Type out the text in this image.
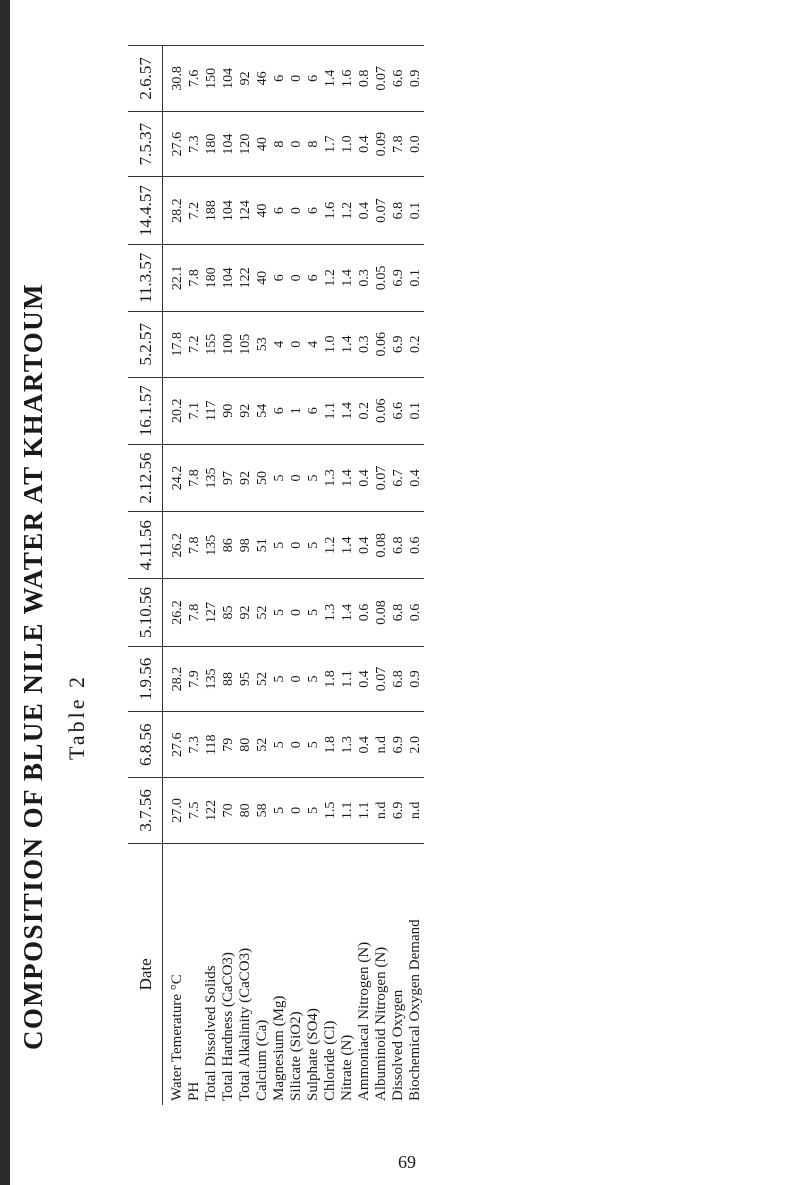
COMPOSITION OF BLUE NILE WATER AT KHARTOUM Table 2
Date	3.7.56	6.8.56	1.9.56	5.10.56	4.11.56	2.12.56	16.1.57	5.2.57	11.3.57	14.4.57	7.5.37	2.6.57
Water Temerature °C	27.0	27.6	28.2	26.2	26.2	24.2	20.2	17.8	22.1	28.2	27.6	30.8
PH	7.5	7.3	7.9	7.8	7.8	7.8	7.1	7.2	7.8	7.2	7.3	7.6
Total Dissolved Solids	122	118	135	127	135	135	117	155	180	188	180	150
Total Hardness (CaCO3)	70	79	88	85	86	97	90	100	104	104	104	104
Total Alkalinity (CaCO3)	80	80	95	92	98	92	92	105	122	124	120	92
Calcium (Ca)	58	52	52	52	51	50	54	53	40	40	40	46
Magnesium (Mg)	5	5	5	5	5	5	6	4	6	6	8	6
Silicate (SiO2)	0	0	0	0	0	0	1	0	0	0	0	0
Sulphate (SO4)	5	5	5	5	5	5	6	4	6	6	8	6
Chloride (Cl)	1.5	1.8	1.8	1.3	1.2	1.3	1.1	1.0	1.2	1.6	1.7	1.4
Nitrate (N)	1.1	1.3	1.1	1.4	1.4	1.4	1.4	1.4	1.4	1.2	1.0	1.6
Ammoniacal Nitrogen (N)	1.1	0.4	0.4	0.6	0.4	0.4	0.2	0.3	0.3	0.4	0.4	0.8
Albuminoid Nitrogen (N)	n.d	n.d	0.07	0.08	0.08	0.07	0.06	0.06	0.05	0.07	0.09	0.07
Dissolved Oxygen	6.9	6.9	6.8	6.8	6.8	6.7	6.6	6.9	6.9	6.8	7.8	6.6
Biochemical Oxygen Demand	n.d	2.0	0.9	0.6	0.6	0.4	0.1	0.2	0.1	0.1	0.0	0.9
69
